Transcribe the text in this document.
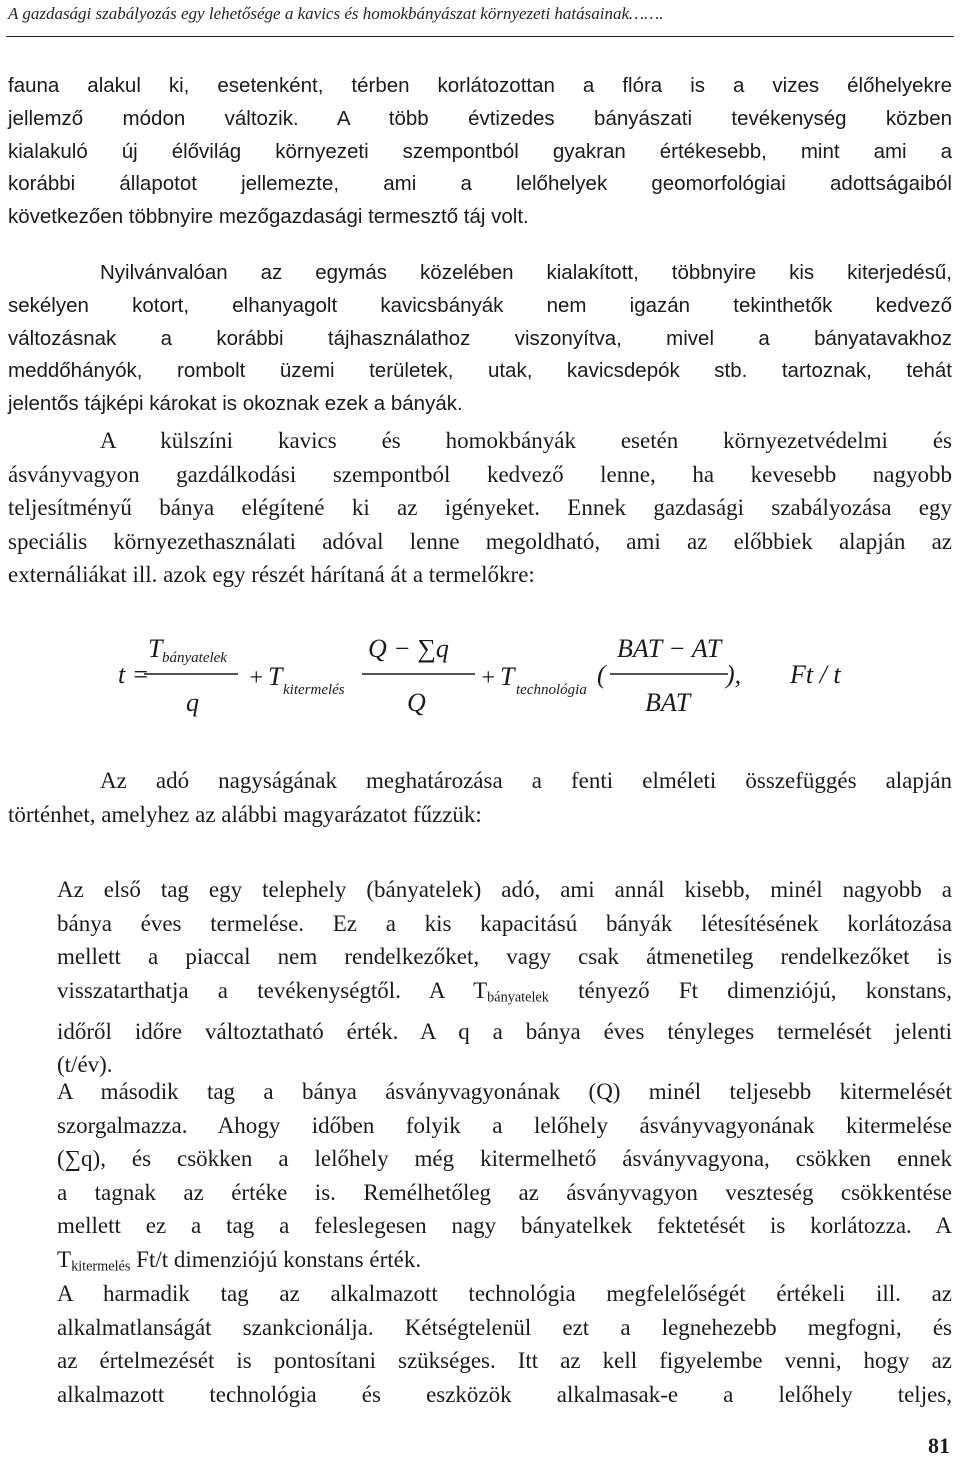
A gazdasági szabályozás egy lehetősége a kavics és homokbányászat környezeti hatásainak…….
fauna alakul ki, esetenként, térben korlátozottan a flóra is a vizes élőhelyekre
jellemző módon változik. A több évtizedes bányászati tevékenység közben
kialakuló új élővilág környezeti szempontból gyakran értékesebb, mint ami a
korábbi állapotot jellemezte, ami a lelőhelyek geomorfológiai adottságaiból
következően többnyire mezőgazdasági termesztő táj volt.
Nyilvánvalóan az egymás közelében kialakított, többnyire kis kiterjedésű,
sekélyen kotort, elhanyagolt kavicsbányák nem igazán tekinthetők kedvező
változásnak a korábbi tájhasználathoz viszonyítva, mivel a bányatavakhoz
meddőhányók, rombolt üzemi területek, utak, kavicsdepók stb. tartoznak, tehát
jelentős tájképi károkat is okoznak ezek a bányák.
A külszíni kavics és homokbányák esetén környezetvédelmi és
ásványvagyon gazdálkodási szempontból kedvező lenne, ha kevesebb nagyobb
teljesítményű bánya elégítené ki az igényeket. Ennek gazdasági szabályozása egy
speciális környezethasználati adóval lenne megoldható, ami az előbbiek alapján az
externáliákat ill. azok egy részét hárítaná át a termelőkre:
t =
T bányatelek
q
+ T kitermelés
Q − ∑q
Q
+ T technológia
(
BAT − AT
BAT
), Ft / t
Az adó nagyságának meghatározása a fenti elméleti összefüggés alapján
történhet, amelyhez az alábbi magyarázatot fűzzük:
Az első tag egy telephely (bányatelek) adó, ami annál kisebb, minél nagyobb a
bánya éves termelése. Ez a kis kapacitású bányák létesítésének korlátozása
mellett a piaccal nem rendelkezőket, vagy csak átmenetileg rendelkezőket is
visszatarthatja a tevékenységtől. A $T_{bányatelek}$ tényező Ft dimenziójú, konstans,
időről időre változtatható érték. A q a bánya éves tényleges termelését jelenti
(t/év).
A második tag a bánya ásványvagyonának (Q) minél teljesebb kitermelését
szorgalmazza. Ahogy időben folyik a lelőhely ásványvagyonának kitermelése
(∑q), és csökken a lelőhely még kitermelhető ásványvagyona, csökken ennek
a tagnak az értéke is. Remélhetőleg az ásványvagyon veszteség csökkentése
mellett ez a tag a feleslegesen nagy bányatelkek fektetését is korlátozza. A
$T_{kitermelés}$ Ft/t dimenziójú konstans érték.
A harmadik tag az alkalmazott technológia megfelelőségét értékeli ill. az
alkalmatlanságát szankcionálja. Kétségtelenül ezt a legnehezebb megfogni, és
az értelmezését is pontosítani szükséges. Itt az kell figyelembe venni, hogy az
alkalmazott technológia és eszközök alkalmasak-e a lelőhely teljes,
81
